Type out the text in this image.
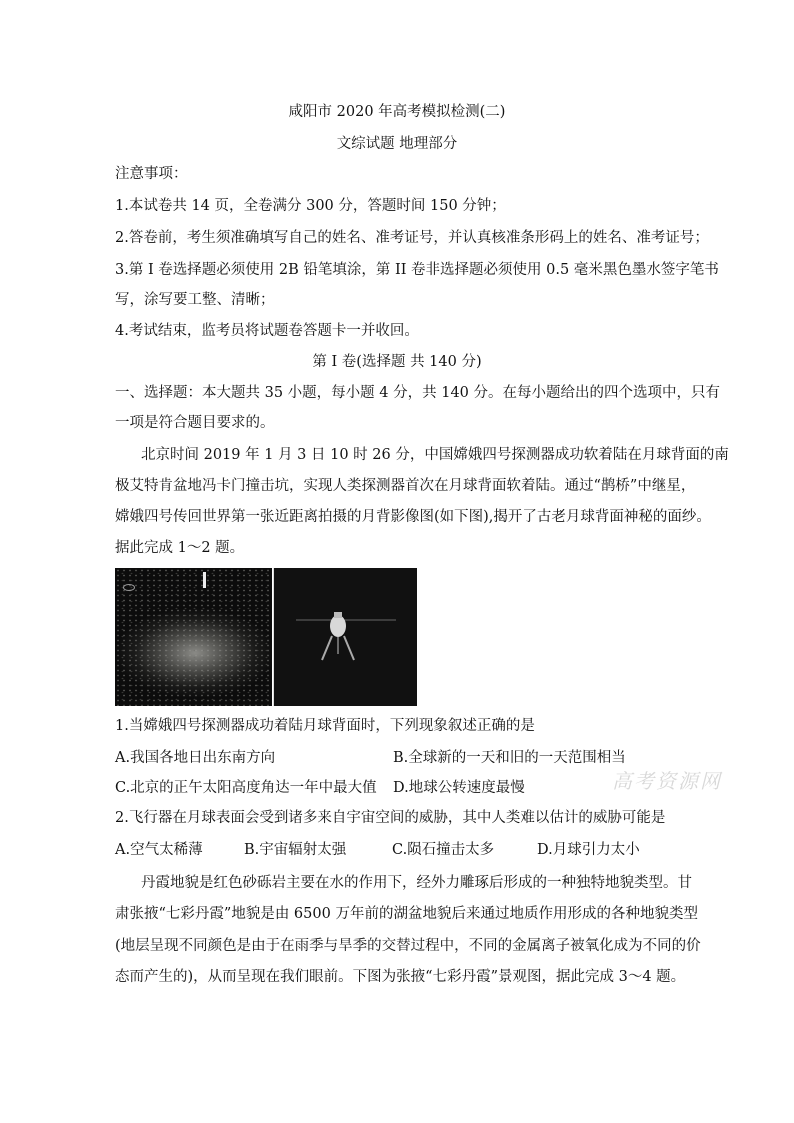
咸阳市 2020 年高考模拟检测(二)
文综试题 地理部分
注意事项：
1.本试卷共 14 页，全卷满分 300 分，答题时间 150 分钟；
2.答卷前，考生须准确填写自己的姓名、准考证号，并认真核准条形码上的姓名、准考证号；
3.第 I 卷选择题必须使用 2B 铅笔填涂，第 II 卷非选择题必须使用 0.5 毫米黑色墨水签字笔书
写，涂写要工整、清晰；
4.考试结束，监考员将试题卷答题卡一并收回。
第 I 卷(选择题 共 140 分)
一、选择题：本大题共 35 小题，每小题 4 分，共 140 分。在每小题给出的四个选项中，只有
一项是符合题目要求的。
北京时间 2019 年 1 月 3 日 10 时 26 分，中国嫦娥四号探测器成功软着陆在月球背面的南
极艾特肯盆地冯卡门撞击坑，实现人类探测器首次在月球背面软着陆。通过“鹊桥”中继星，
嫦娥四号传回世界第一张近距离拍摄的月背影像图(如下图),揭开了古老月球背面神秘的面纱。
据此完成 1～2 题。
1.当嫦娥四号探测器成功着陆月球背面时，下列现象叙述正确的是
A.我国各地日出东南方向	B.全球新的一天和旧的一天范围相当
C.北京的正午太阳高度角达一年中最大值 D.地球公转速度最慢	高考资源网
2.飞行器在月球表面会受到诸多来自宇宙空间的威胁，其中人类难以估计的威胁可能是
A.空气太稀薄	B.宇宙辐射太强	C.陨石撞击太多	D.月球引力太小
丹霞地貌是红色砂砾岩主要在水的作用下，经外力雕琢后形成的一种独特地貌类型。甘
肃张掖“七彩丹霞”地貌是由 6500 万年前的湖盆地貌后来通过地质作用形成的各种地貌类型
(地层呈现不同颜色是由于在雨季与旱季的交替过程中，不同的金属离子被氧化成为不同的价
态而产生的)，从而呈现在我们眼前。下图为张掖“七彩丹霞”景观图，据此完成 3～4 题。
